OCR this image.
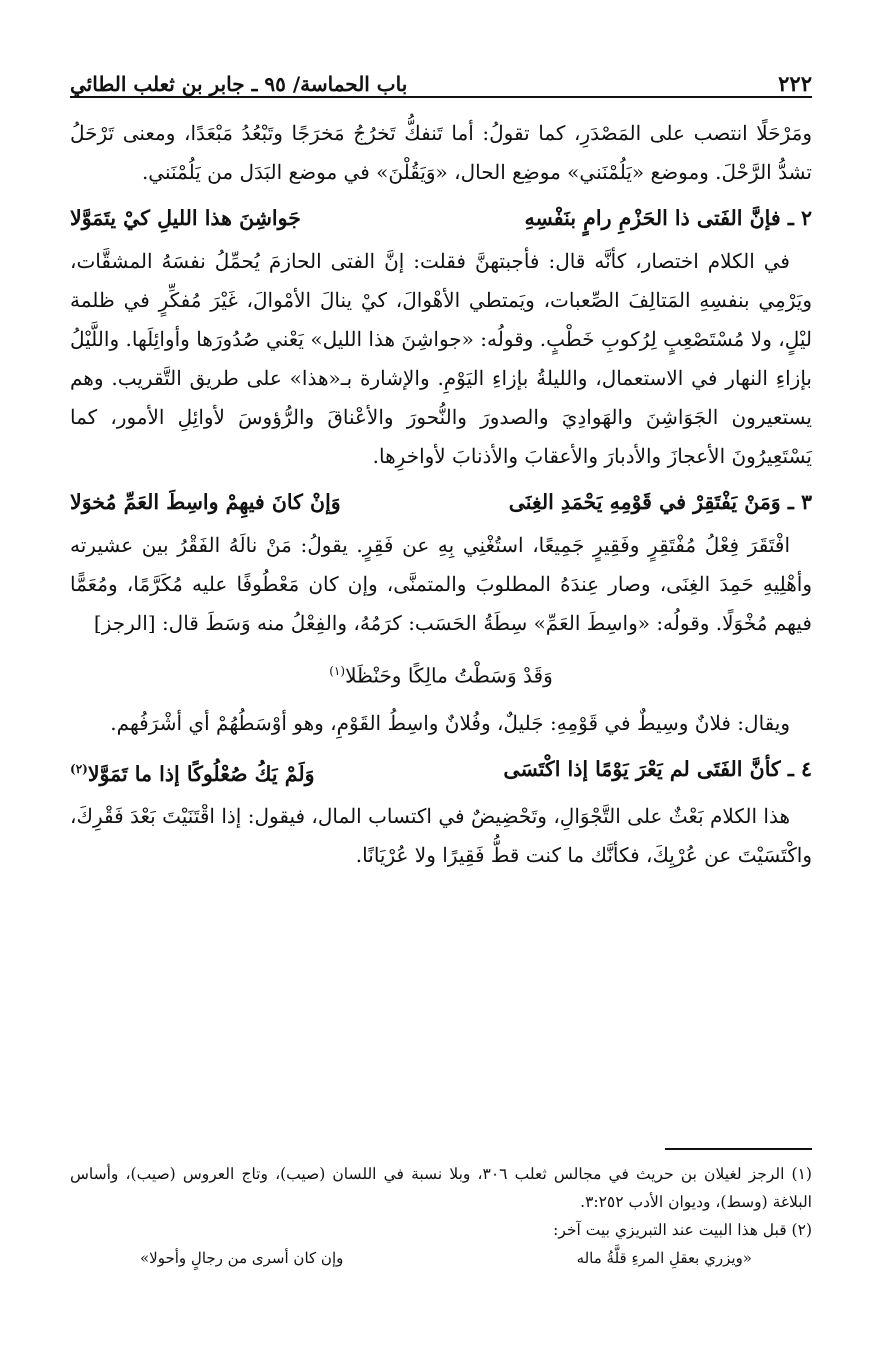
٢٢٢
باب الحماسة/ ٩٥ ـ جابر بن ثعلب الطائي

ومَرْحَلًا انتصب على المَصْدَرِ، كما تقولُ: أما تَنفكُّ تَخرُجُ مَخرَجًا وتَبْعُدُ مَبْعَدًا، ومعنى تَرْحَلُ تشدُّ الرَّحْلَ. وموضع «يَلُمْنَني» موضِع الحال، «وَيَقُلْنَ» في موضع البَدَل من يَلُمْنَني.

٢ ـ فإنَّ الفَتى ذا الحَزْمِ رامٍ بنَفْسِهِ
جَواشِنَ هذا الليلِ كيْ يتَمَوَّلا

في الكلام اختصار، كأنَّه قال: فأجبتهنَّ فقلت: إنَّ الفتى الحازمَ يُحمِّلُ نفسَهُ المشقَّات، ويَرْمِي بنفسِهِ المَتالِفَ الصِّعبات، ويَمتطي الأهْوالَ، كيْ ينالَ الأمْوالَ، غَيْرَ مُفكِّرٍ في ظلمة ليْلٍ، ولا مُسْتَصْعِبٍ لِرُكوبِ خَطْبٍ. وقولُه: «جواشِنَ هذا الليل» يَعْني صُدُورَها وأوائِلَها. واللَّيْلُ بإزاءِ النهار في الاستعمال، والليلةُ بإزاءِ اليَوْمِ. والإشارة بـ«هذا» على طريق التَّقريب. وهم يستعيرون الجَوَاشِنَ والهَوادِيَ والصدورَ والنُّحورَ والأعْناقَ والرُّؤوسَ لأوائِلِ الأمور، كما يَسْتَعِيرُونَ الأعجازَ والأدبارَ والأعقابَ والأذنابَ لأواخرِها.

٣ ـ وَمَنْ يَفْتَقِرْ في قَوْمِهِ يَحْمَدِ الغِنَى
وَإنْ كانَ فيهِمْ واسِطَ العَمِّ مُخوَلا

افْتَقَرَ فِعْلُ مُفْتَقِرٍ وفَقِيرٍ جَمِيعًا، استُغْنِي بِهِ عن فَقِرٍ. يقولُ: مَنْ نالَهُ الفَقْرُ بين عشيرته وأهْلِيهِ حَمِدَ الغِنَى، وصار عِندَهُ المطلوبَ والمتمنَّى، وإن كان مَعْطُوفًا عليه مُكَرَّمًا، ومُعَمًّا فيهم مُخْوَلًا. وقولُه: «واسِطَ العَمِّ» سِطَةُ الحَسَب: كرَمُهُ، والفِعْلُ منه وَسَطَ قال: [الرجز]

وَقَدْ وَسَطْتُ مالِكًا وحَنْظَلا$^{(١)}$

ويقال: فلانٌ وسِيطٌ في قَوْمِهِ: جَليلٌ، وفُلانٌ واسِطُ القَوْمِ، وهو أوْسَطُهُمْ أي أشْرَفُهم.

٤ ـ كأنَّ الفَتَى لم يَعْرَ يَوْمًا إذا اكْتَسَى
وَلَمْ يَكُ صُعْلُوكًا إذا ما تَمَوَّلا$^{(٢)}$

هذا الكلام بَعْثٌ على التَّجْوَالِ، وتَحْضِيضٌ في اكتساب المال، فيقول: إذا اقْتَنَيْتَ بَعْدَ فَقْرِكَ، واكْتَسَيْتَ عن عُرْيِكَ، فكأنَّك ما كنت قطُّ فَقِيرًا ولا عُرْيَانًا.

(١) الرجز لغيلان بن حريث في مجالس ثعلب ٣٠٦، وبلا نسبة في اللسان (صيب)، وتاج العروس (صيب)، وأساس البلاغة (وسط)، وديوان الأدب ٣:٢٥٢.

(٢) قبل هذا البيت عند التبريزي بيت آخر:

«ويزري بعقلِ المرءِ قلَّةُ ماله
وإن كان أسرى من رجالٍ وأحولا»
